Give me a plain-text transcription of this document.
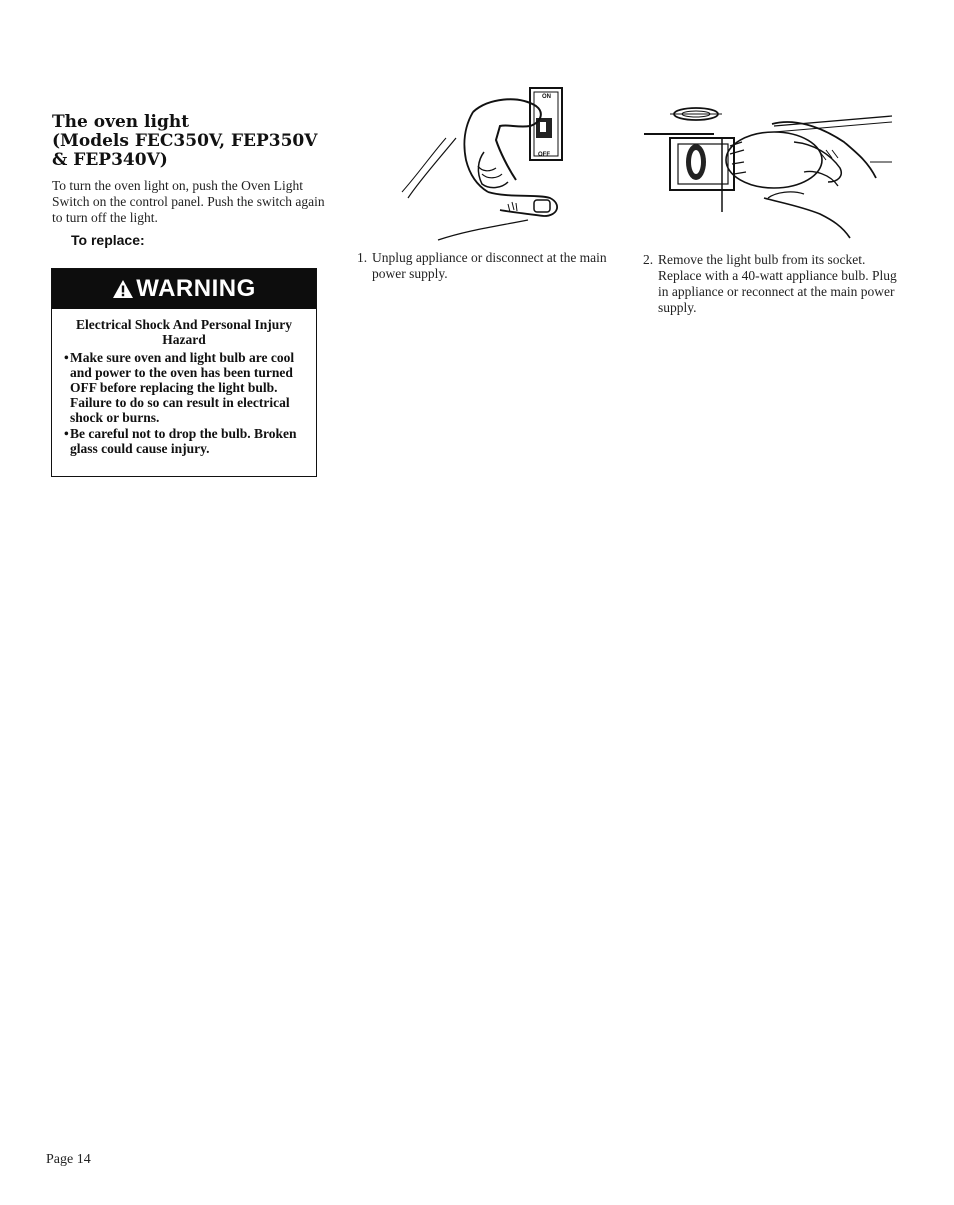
The oven light
(Models FEC350V, FEP350V
& FEP340V)

To turn the oven light on, push the Oven Light Switch on the control panel. Push the switch again to turn off the light.

To replace:
WARNING
Electrical Shock And Personal Injury Hazard
• Make sure oven and light bulb are cool and power to the oven has been turned OFF before replacing the light bulb. Failure to do so can result in electrical shock or burns.
• Be careful not to drop the bulb. Broken glass could cause injury.
ON
OFF

1. Unplug appliance or disconnect at the main power supply.

2. Remove the light bulb from its socket. Replace with a 40-watt appliance bulb. Plug in appliance or reconnect at the main power supply.

Page 14
